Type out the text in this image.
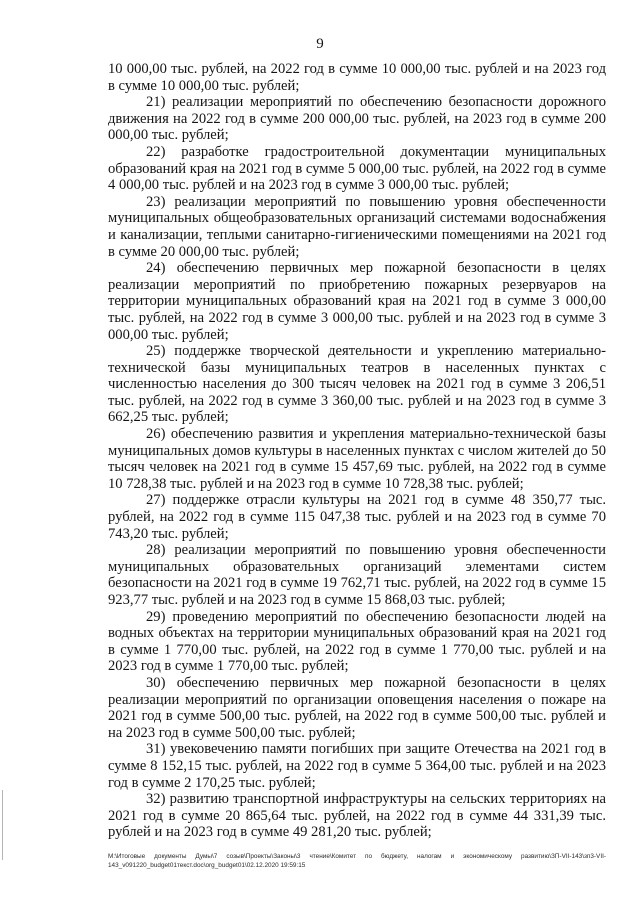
9

10 000,00 тыс. рублей, на 2022 год в сумме 10 000,00 тыс. рублей и на 2023 год в сумме 10 000,00 тыс. рублей;

21) реализации мероприятий по обеспечению безопасности дорожного движения на 2022 год в сумме 200 000,00 тыс. рублей, на 2023 год в сумме 200 000,00 тыс. рублей;

22) разработке градостроительной документации муниципальных образований края на 2021 год в сумме 5 000,00 тыс. рублей, на 2022 год в сумме 4 000,00 тыс. рублей и на 2023 год в сумме 3 000,00 тыс. рублей;

23) реализации мероприятий по повышению уровня обеспеченности муниципальных общеобразовательных организаций системами водоснабжения и канализации, теплыми санитарно-гигиеническими помещениями на 2021 год в сумме 20 000,00 тыс. рублей;

24) обеспечению первичных мер пожарной безопасности в целях реализации мероприятий по приобретению пожарных резервуаров на территории муниципальных образований края на 2021 год в сумме 3 000,00 тыс. рублей, на 2022 год в сумме 3 000,00 тыс. рублей и на 2023 год в сумме 3 000,00 тыс. рублей;

25) поддержке творческой деятельности и укреплению материально-технической базы муниципальных театров в населенных пунктах с численностью населения до 300 тысяч человек на 2021 год в сумме 3 206,51 тыс. рублей, на 2022 год в сумме 3 360,00 тыс. рублей и на 2023 год в сумме 3 662,25 тыс. рублей;

26) обеспечению развития и укрепления материально-технической базы муниципальных домов культуры в населенных пунктах с числом жителей до 50 тысяч человек на 2021 год в сумме 15 457,69 тыс. рублей, на 2022 год в сумме 10 728,38 тыс. рублей и на 2023 год в сумме 10 728,38 тыс. рублей;

27) поддержке отрасли культуры на 2021 год в сумме 48 350,77 тыс. рублей, на 2022 год в сумме 115 047,38 тыс. рублей и на 2023 год в сумме 70 743,20 тыс. рублей;

28) реализации мероприятий по повышению уровня обеспеченности муниципальных образовательных организаций элементами систем безопасности на 2021 год в сумме 19 762,71 тыс. рублей, на 2022 год в сумме 15 923,77 тыс. рублей и на 2023 год в сумме 15 868,03 тыс. рублей;

29) проведению мероприятий по обеспечению безопасности людей на водных объектах на территории муниципальных образований края на 2021 год в сумме 1 770,00 тыс. рублей, на 2022 год в сумме 1 770,00 тыс. рублей и на 2023 год в сумме 1 770,00 тыс. рублей;

30) обеспечению первичных мер пожарной безопасности в целях реализации мероприятий по организации оповещения населения о пожаре на 2021 год в сумме 500,00 тыс. рублей, на 2022 год в сумме 500,00 тыс. рублей и на 2023 год в сумме 500,00 тыс. рублей;

31) увековечению памяти погибших при защите Отечества на 2021 год в сумме 8 152,15 тыс. рублей, на 2022 год в сумме 5 364,00 тыс. рублей и на 2023 год в сумме 2 170,25 тыс. рублей;

32) развитию транспортной инфраструктуры на сельских территориях на 2021 год в сумме 20 865,64 тыс. рублей, на 2022 год в сумме 44 331,39 тыс. рублей и на 2023 год в сумме 49 281,20 тыс. рублей;

M:\Итоговые документы Думы\7 созыв\Проекты\Законы\3 чтение\Комитет по бюджету, налогам и экономическому развитию\ЗП-VII-143\зп3-VII-143_v091220_budget01текст.doc\org_budget01\02.12.2020 19:59:15
